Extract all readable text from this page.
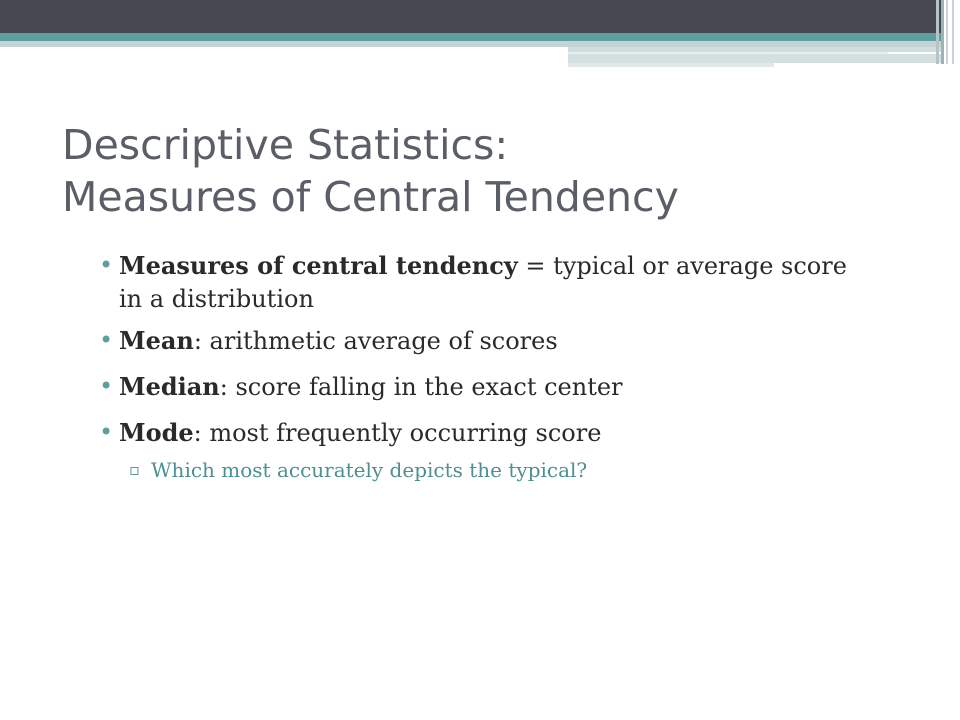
Descriptive Statistics:
Measures of Central Tendency
• Measures of central tendency = typical or average score in a distribution
• Mean: arithmetic average of scores
• Median: score falling in the exact center
• Mode: most frequently occurring score
▫ Which most accurately depicts the typical?
